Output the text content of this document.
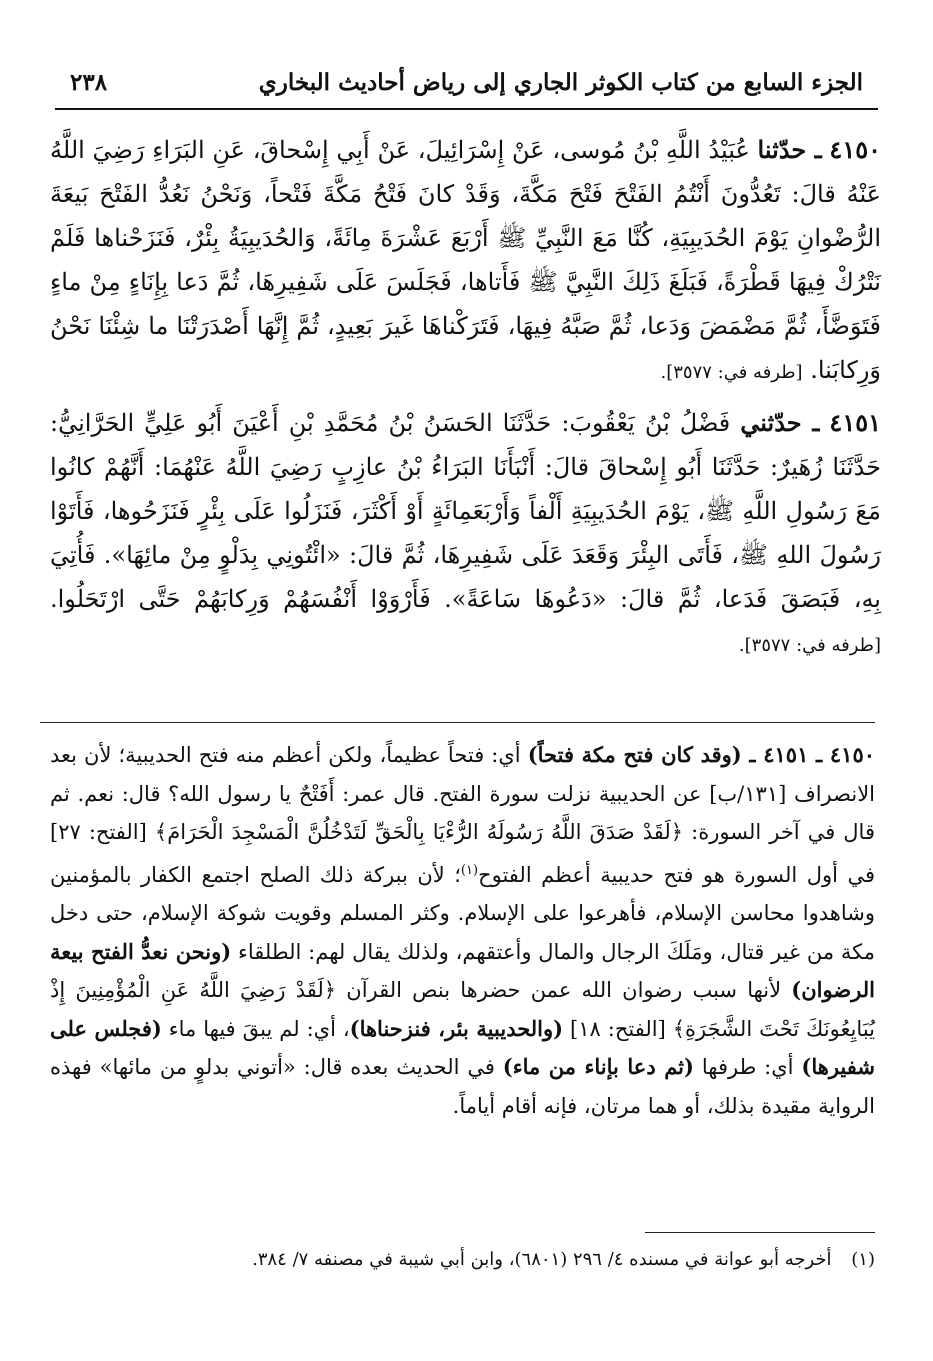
الجزء السابع من كتاب الكوثر الجاري إلى رياض أحاديث البخاري
٢٣٨

٤١٥٠ ـ حدّثنا عُبَيْدُ اللَّهِ بْنُ مُوسى، عَنْ إِسْرَائِيلَ، عَنْ أَبِي إِسْحاقَ، عَنِ البَرَاءِ رَضِيَ اللَّهُ عَنْهُ قالَ: تَعُدُّونَ أَنْتُمُ الفَتْحَ فَتْحَ مَكَّةَ، وَقَدْ كانَ فَتْحُ مَكَّةَ فَتْحاً، وَنَحْنُ نَعُدُّ الفَتْحَ بَيعَةَ الرُّضْوانِ يَوْمَ الحُدَيبِيَةِ، كُنَّا مَعَ النَّبِيِّ ﷺ أَرْبَعَ عَشْرَةَ مِائَةً، وَالحُدَيبِيَةُ بِئْرٌ، فَنَزَحْناها فَلَمْ نَتْرُكْ فِيهَا قَطْرَةً، فَبَلَغَ ذَلِكَ النَّبِيَّ ﷺ فَأَتاها، فَجَلَسَ عَلَى شَفِيرِهَا، ثُمَّ دَعا بِإِنَاءٍ مِنْ ماءٍ فَتَوَضَّأَ، ثُمَّ مَضْمَضَ وَدَعا، ثُمَّ صَبَّهُ فِيهَا، فَتَرَكْناهَا غَيرَ بَعِيدٍ، ثُمَّ إِنَّهَا أَصْدَرَتْنَا ما شِئْنَا نَحْنُ وَرِكابَنا. [طرفه في: ٣٥٧٧].

٤١٥١ ـ حدّثني فَضْلُ بْنُ يَعْقُوبَ: حَدَّثَنَا الحَسَنُ بْنُ مُحَمَّدِ بْنِ أَعْيَنَ أَبُو عَلِيٍّ الحَرَّانِيُّ: حَدَّثَنَا زُهَيرٌ: حَدَّثَنَا أَبُو إِسْحاقَ قالَ: أَنْبَأَنَا البَرَاءُ بْنُ عازِبٍ رَضِيَ اللَّهُ عَنْهُمَا: أَنَّهُمْ كانُوا مَعَ رَسُولِ اللَّهِ ﷺ، يَوْمَ الحُدَيبِيَةِ أَلْفاً وَأَرْبَعَمِائَةٍ أَوْ أَكْثَرَ، فَنَزَلُوا عَلَى بِئْرٍ فَنَزَحُوها، فَأَتَوْا رَسُولَ اللهِ ﷺ، فَأَتَى البِئْرَ وَقَعَدَ عَلَى شَفِيرِهَا، ثُمَّ قالَ: «ائْتُونِي بِدَلْوٍ مِنْ مائِهَا». فَأُتِيَ بِهِ، فَبَصَقَ فَدَعا، ثُمَّ قالَ: «دَعُوهَا سَاعَةً». فَأَرْوَوْا أَنْفُسَهُمْ وَرِكابَهُمْ حَتَّى ارْتَحَلُوا. [طرفه في: ٣٥٧٧].

٤١٥٠ ـ ٤١٥١ ـ (وقد كان فتح مكة فتحاً) أي: فتحاً عظيماً، ولكن أعظم منه فتح الحديبية؛ لأن بعد الانصراف [١٣١/ب] عن الحديبية نزلت سورة الفتح. قال عمر: أَفَتْحٌ يا رسول الله؟ قال: نعم. ثم قال في آخر السورة: ﴿لَقَدْ صَدَقَ اللَّهُ رَسُولَهُ الرُّءْيَا بِالْحَقِّ لَتَدْخُلُنَّ الْمَسْجِدَ الْحَرَامَ﴾ [الفتح: ٢٧] في أول السورة هو فتح حديبية أعظم الفتوح$^{(١)}$؛ لأن ببركة ذلك الصلح اجتمع الكفار بالمؤمنين وشاهدوا محاسن الإسلام، فأهرعوا على الإسلام. وكثر المسلم وقويت شوكة الإسلام، حتى دخل مكة من غير قتال، ومَلَكَ الرجال والمال وأعتقهم، ولذلك يقال لهم: الطلقاء (ونحن نعدُّ الفتح بيعة الرضوان) لأنها سبب رضوان الله عمن حضرها بنص القرآن ﴿لَقَدْ رَضِيَ اللَّهُ عَنِ الْمُؤْمِنِينَ إِذْ يُبَايِعُونَكَ تَحْتَ الشَّجَرَةِ﴾ [الفتح: ١٨] (والحديبية بئر، فنزحناها)، أي: لم يبقَ فيها ماء (فجلس على شفيرها) أي: طرفها (ثم دعا بإناء من ماء) في الحديث بعده قال: «أتوني بدلوٍ من مائها» فهذه الرواية مقيدة بذلك، أو هما مرتان، فإنه أقام أياماً.

(١) أخرجه أبو عوانة في مسنده ٤/ ٢٩٦ (٦٨٠١)، وابن أبي شيبة في مصنفه ٧/ ٣٨٤.
